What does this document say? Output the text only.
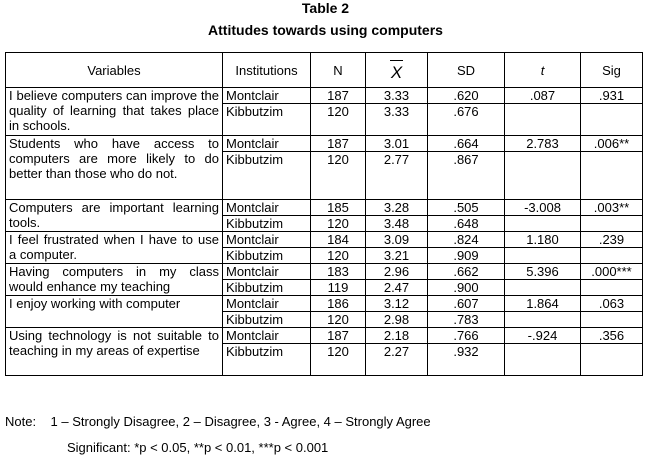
Table 2
Attitudes towards using computers
Variables	Institutions	N	X	SD	t	Sig
I believe computers can improve the quality of learning that takes place in schools.	Montclair	187	3.33	.620	.087	.931
	Kibbutzim	120	3.33	.676		
Students who have access to computers are more likely to do better than those who do not.	Montclair	187	3.01	.664	2.783	.006**
	Kibbutzim	120	2.77	.867		
Computers are important learning tools.	Montclair	185	3.28	.505	-3.008	.003**
	Kibbutzim	120	3.48	.648		
I feel frustrated when I have to use a computer.	Montclair	184	3.09	.824	1.180	.239
	Kibbutzim	120	3.21	.909		
Having computers in my class would enhance my teaching	Montclair	183	2.96	.662	5.396	.000***
	Kibbutzim	119	2.47	.900		
I enjoy working with computer	Montclair	186	3.12	.607	1.864	.063
	Kibbutzim	120	2.98	.783		
Using technology is not suitable to teaching in my areas of expertise	Montclair	187	2.18	.766	-.924	.356
	Kibbutzim	120	2.27	.932		
Note: 1 – Strongly Disagree, 2 – Disagree, 3 - Agree, 4 – Strongly Agree
Significant: *p < 0.05, **p < 0.01, ***p < 0.001
